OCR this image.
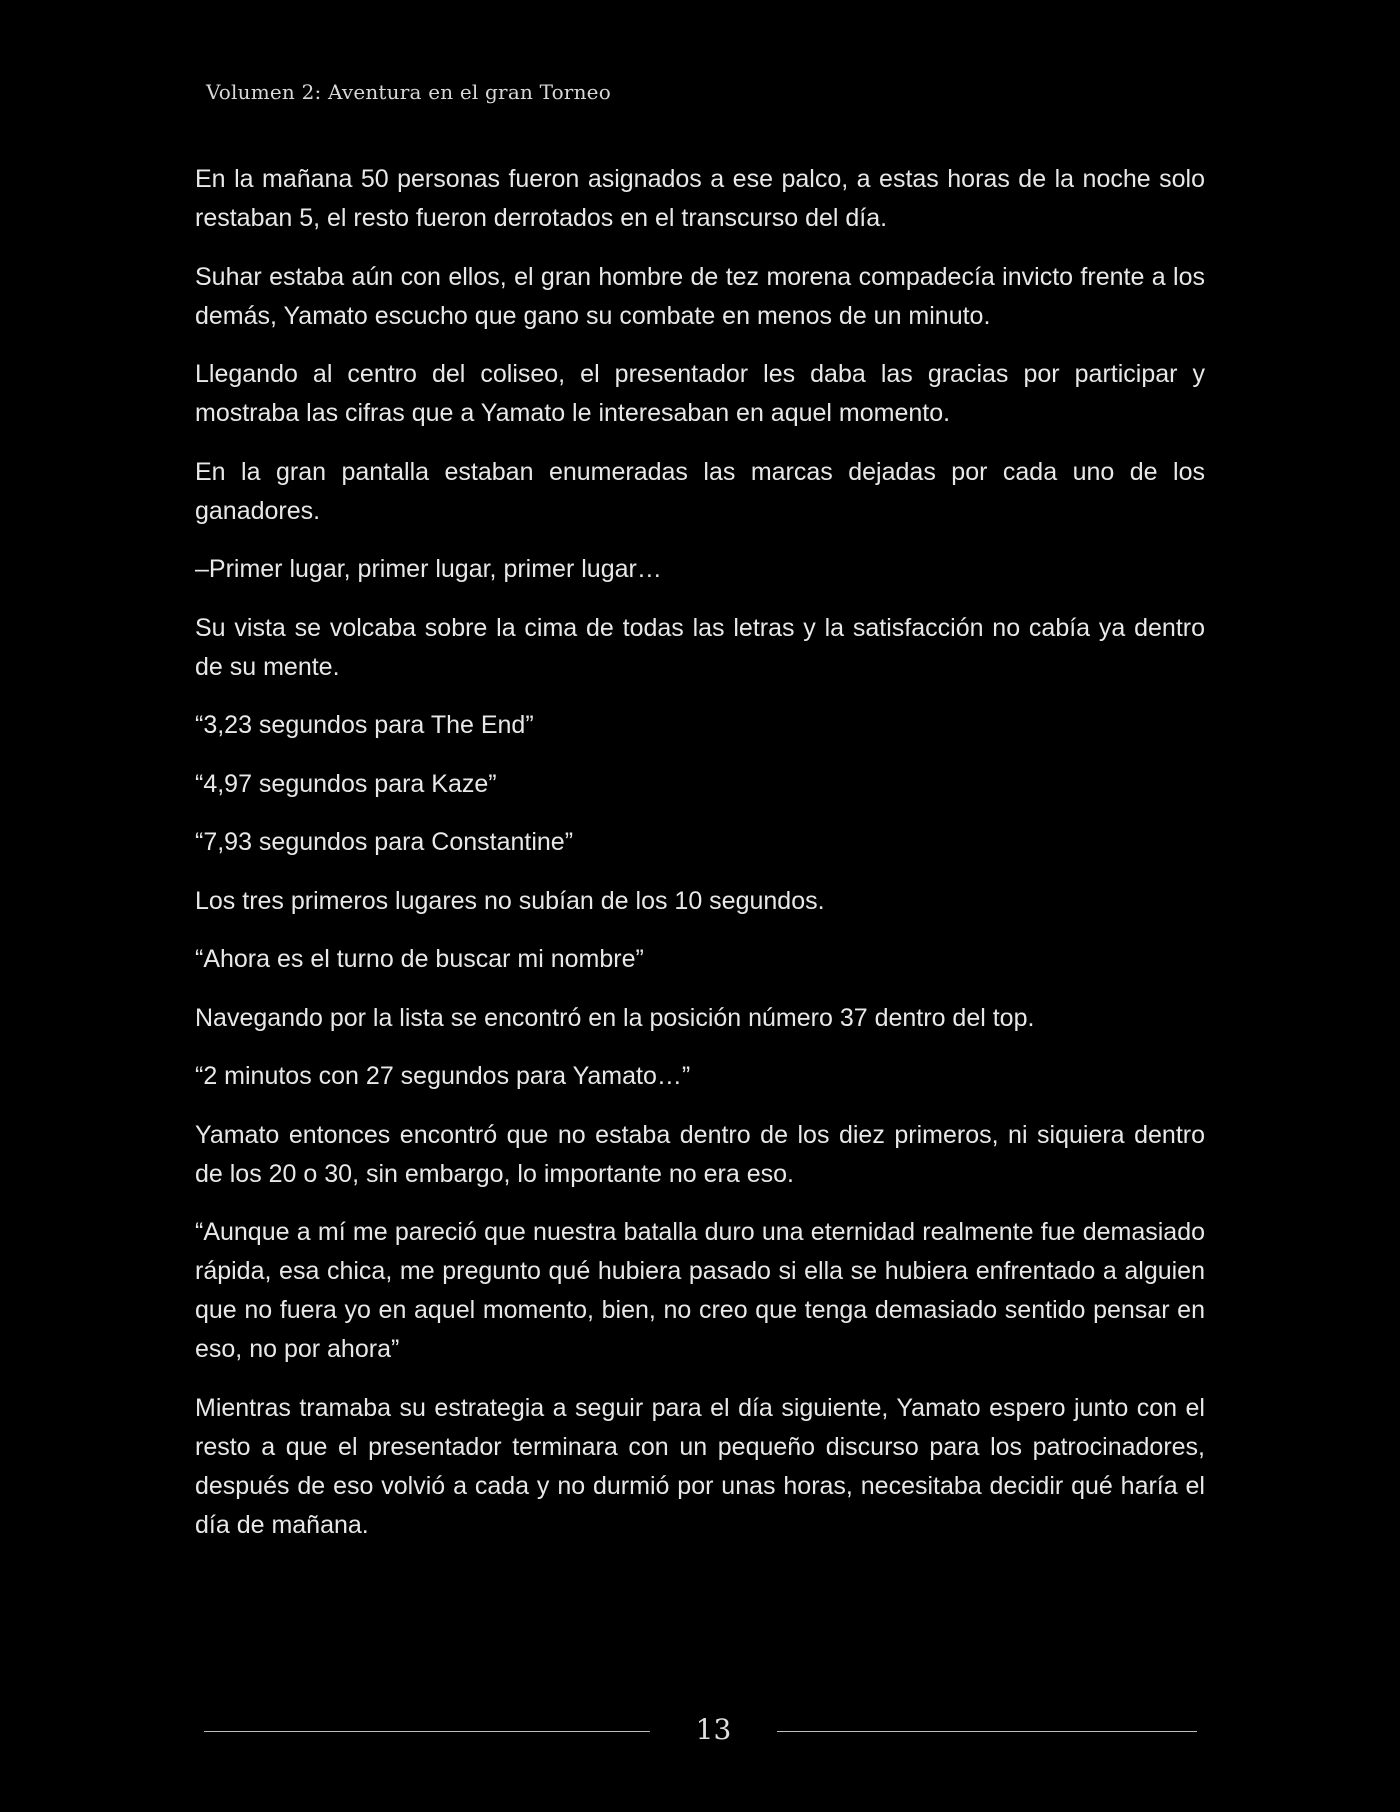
Volumen 2: Aventura en el gran Torneo

En la mañana 50 personas fueron asignados a ese palco, a estas horas de la noche solo restaban 5, el resto fueron derrotados en el transcurso del día.

Suhar estaba aún con ellos, el gran hombre de tez morena compadecía invicto frente a los demás, Yamato escucho que gano su combate en menos de un minuto.

Llegando al centro del coliseo, el presentador les daba las gracias por participar y mostraba las cifras que a Yamato le interesaban en aquel momento.

En la gran pantalla estaban enumeradas las marcas dejadas por cada uno de los ganadores.

–Primer lugar, primer lugar, primer lugar…

Su vista se volcaba sobre la cima de todas las letras y la satisfacción no cabía ya dentro de su mente.

“3,23 segundos para The End”

“4,97 segundos para Kaze”

“7,93 segundos para Constantine”

Los tres primeros lugares no subían de los 10 segundos.

“Ahora es el turno de buscar mi nombre”

Navegando por la lista se encontró en la posición número 37 dentro del top.

“2 minutos con 27 segundos para Yamato…”

Yamato entonces encontró que no estaba dentro de los diez primeros, ni siquiera dentro de los 20 o 30, sin embargo, lo importante no era eso.

“Aunque a mí me pareció que nuestra batalla duro una eternidad realmente fue demasiado rápida, esa chica, me pregunto qué hubiera pasado si ella se hubiera enfrentado a alguien que no fuera yo en aquel momento, bien, no creo que tenga demasiado sentido pensar en eso, no por ahora”

Mientras tramaba su estrategia a seguir para el día siguiente, Yamato espero junto con el resto a que el presentador terminara con un pequeño discurso para los patrocinadores, después de eso volvió a cada y no durmió por unas horas, necesitaba decidir qué haría el día de mañana.

13
